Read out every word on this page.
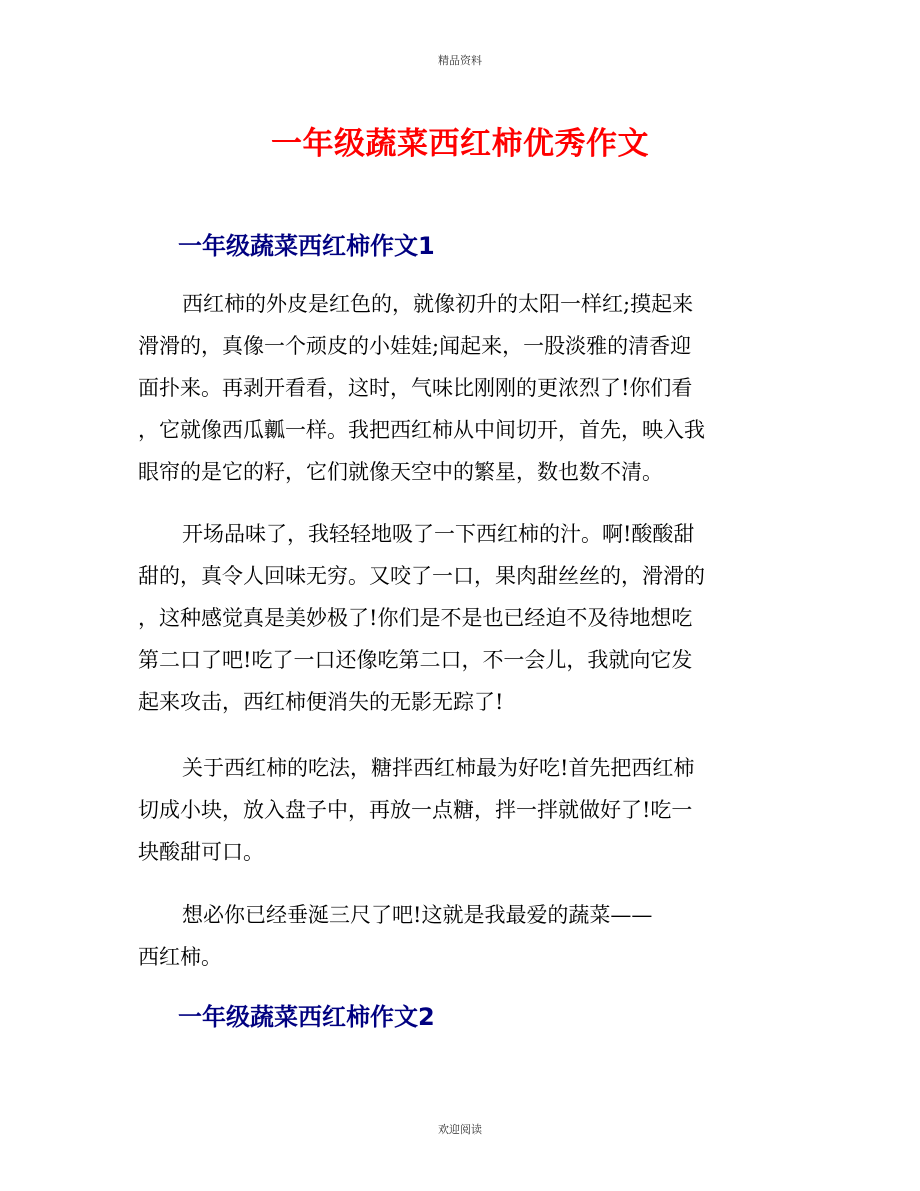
精品资料
一年级蔬菜西红柿优秀作文
一年级蔬菜西红柿作文1
西红柿的外皮是红色的，就像初升的太阳一样红;摸起来
滑滑的，真像一个顽皮的小娃娃;闻起来，一股淡雅的清香迎
面扑来。再剥开看看，这时，气味比刚刚的更浓烈了!你们看
，它就像西瓜瓤一样。我把西红柿从中间切开，首先，映入我
眼帘的是它的籽，它们就像天空中的繁星，数也数不清。
开场品味了，我轻轻地吸了一下西红柿的汁。啊!酸酸甜
甜的，真令人回味无穷。又咬了一口，果肉甜丝丝的，滑滑的
，这种感觉真是美妙极了!你们是不是也已经迫不及待地想吃
第二口了吧!吃了一口还像吃第二口，不一会儿，我就向它发
起来攻击，西红柿便消失的无影无踪了!
关于西红柿的吃法，糖拌西红柿最为好吃!首先把西红柿
切成小块，放入盘子中，再放一点糖，拌一拌就做好了!吃一
块酸甜可口。
想必你已经垂涎三尺了吧!这就是我最爱的蔬菜——
西红柿。
一年级蔬菜西红柿作文2
欢迎阅读
